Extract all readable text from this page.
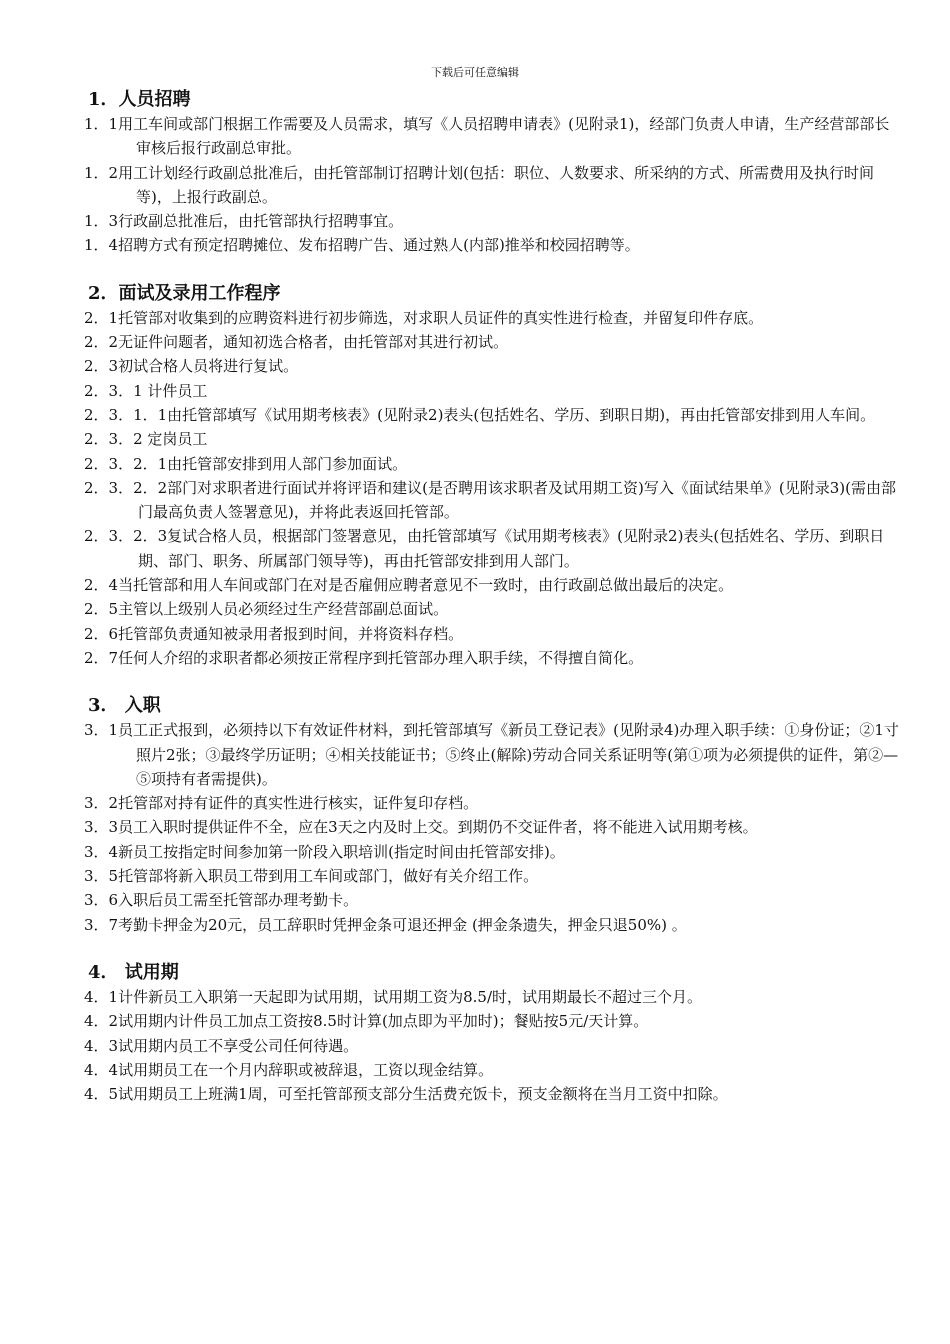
下载后可任意编辑
1．人员招聘

1．1用工车间或部门根据工作需要及人员需求，填写《人员招聘申请表》(见附录1)，经部门负责人申请，生产经营部部长审核后报行政副总审批。

1．2用工计划经行政副总批准后，由托管部制订招聘计划(包括：职位、人数要求、所采纳的方式、所需费用及执行时间等)，上报行政副总。

1．3行政副总批准后，由托管部执行招聘事宜。

1．4招聘方式有预定招聘摊位、发布招聘广告、通过熟人(内部)推举和校园招聘等。

2．面试及录用工作程序

2．1托管部对收集到的应聘资料进行初步筛选，对求职人员证件的真实性进行检查，并留复印件存底。

2．2无证件问题者，通知初选合格者，由托管部对其进行初试。

2．3初试合格人员将进行复试。

2．3．1 计件员工

2．3．1．1由托管部填写《试用期考核表》(见附录2)表头(包括姓名、学历、到职日期)，再由托管部安排到用人车间。

2．3．2 定岗员工

2．3．2．1由托管部安排到用人部门参加面试。

2．3．2．2部门对求职者进行面试并将评语和建议(是否聘用该求职者及试用期工资)写入《面试结果单》(见附录3)(需由部门最高负责人签署意见)，并将此表返回托管部。

2．3．2．3复试合格人员，根据部门签署意见，由托管部填写《试用期考核表》(见附录2)表头(包括姓名、学历、到职日期、部门、职务、所属部门领导等)，再由托管部安排到用人部门。

2．4当托管部和用人车间或部门在对是否雇佣应聘者意见不一致时，由行政副总做出最后的决定。

2．5主管以上级别人员必须经过生产经营部副总面试。

2．6托管部负责通知被录用者报到时间，并将资料存档。

2．7任何人介绍的求职者都必须按正常程序到托管部办理入职手续，不得擅自简化。

3． 入职

3．1员工正式报到，必须持以下有效证件材料，到托管部填写《新员工登记表》(见附录4)办理入职手续：①身份证；②1寸照片2张；③最终学历证明；④相关技能证书；⑤终止(解除)劳动合同关系证明等(第①项为必须提供的证件，第②—⑤项持有者需提供)。

3．2托管部对持有证件的真实性进行核实，证件复印存档。

3．3员工入职时提供证件不全，应在3天之内及时上交。到期仍不交证件者，将不能进入试用期考核。

3．4新员工按指定时间参加第一阶段入职培训(指定时间由托管部安排)。

3．5托管部将新入职员工带到用工车间或部门，做好有关介绍工作。

3．6入职后员工需至托管部办理考勤卡。

3．7考勤卡押金为20元，员工辞职时凭押金条可退还押金 (押金条遗失，押金只退50%) 。

4． 试用期

4．1计件新员工入职第一天起即为试用期，试用期工资为8.5/时，试用期最长不超过三个月。

4．2试用期内计件员工加点工资按8.5时计算(加点即为平加时)；餐贴按5元/天计算。

4．3试用期内员工不享受公司任何待遇。

4．4试用期员工在一个月内辞职或被辞退，工资以现金结算。

4．5试用期员工上班满1周，可至托管部预支部分生活费充饭卡，预支金额将在当月工资中扣除。
